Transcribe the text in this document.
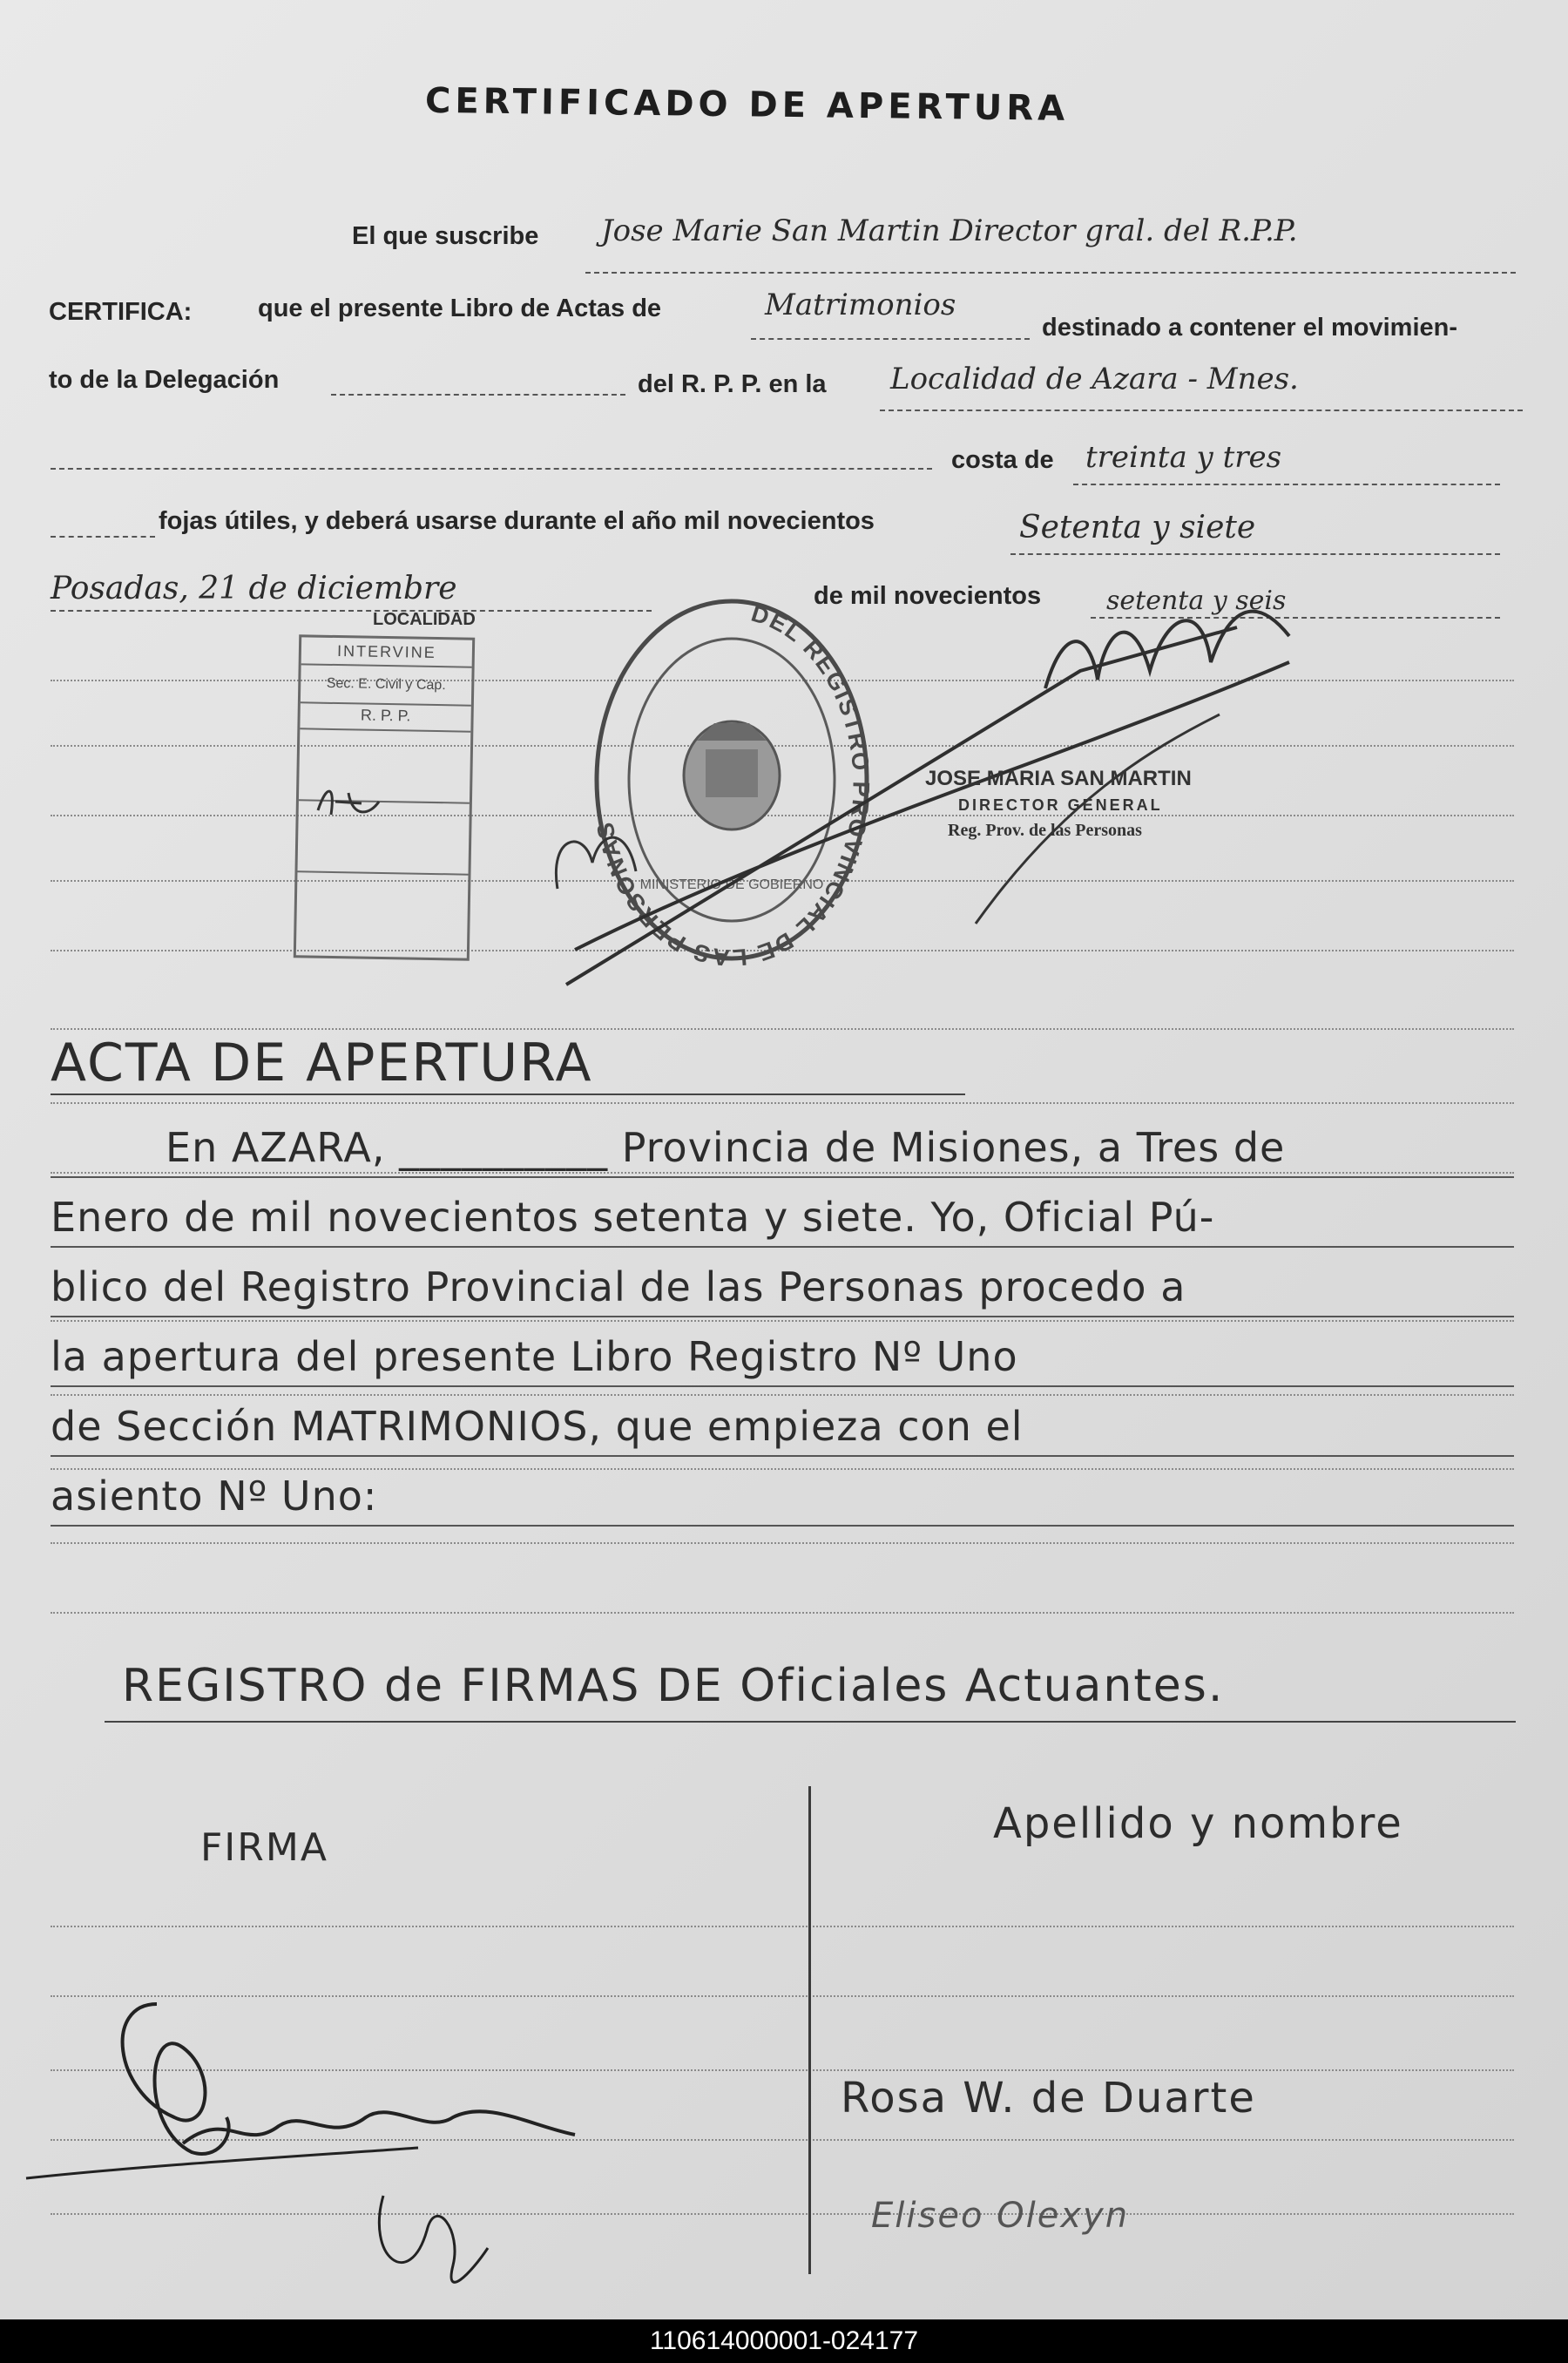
CERTIFICADO DE APERTURA
El que suscribe Jose Marie San Martin Director gral. del R.P.P.
CERTIFICA:	que el presente Libro de Actas de	Matrimonios
destinado a contener el movimien-
to de la Delegación	del R. P. P. en la Localidad de Azara - Mnes.
costa de treinta y tres
fojas útiles, y deberá usarse durante el año mil novecientos	Setenta y siete
Posadas, 21 de diciembre	de mil novecientos setenta y seis
LOCALIDAD
INTERVINE
Sec. E. Civil y Cap.
R. P. P.
DEL REGISTRO PROVINCIAL DE LAS PERSONAS
MINISTERIO DE GOBIERNO
JOSE MARIA SAN MARTIN
DIRECTOR GENERAL
Reg. Prov. de las Personas
ACTA DE APERTURA
En AZARA, __________ Provincia de Misiones, a Tres de
Enero de mil novecientos setenta y siete. Yo, Oficial Pú-
blico del Registro Provincial de las Personas procedo a
la apertura del presente Libro Registro Nº Uno
de Sección MATRIMONIOS, que empieza con el
asiento Nº Uno:
REGISTRO de FIRMAS DE Oficiales Actuantes.
FIRMA	Apellido y nombre
Rosa W. de Duarte
Eliseo Olexyn
110614000001-024177
